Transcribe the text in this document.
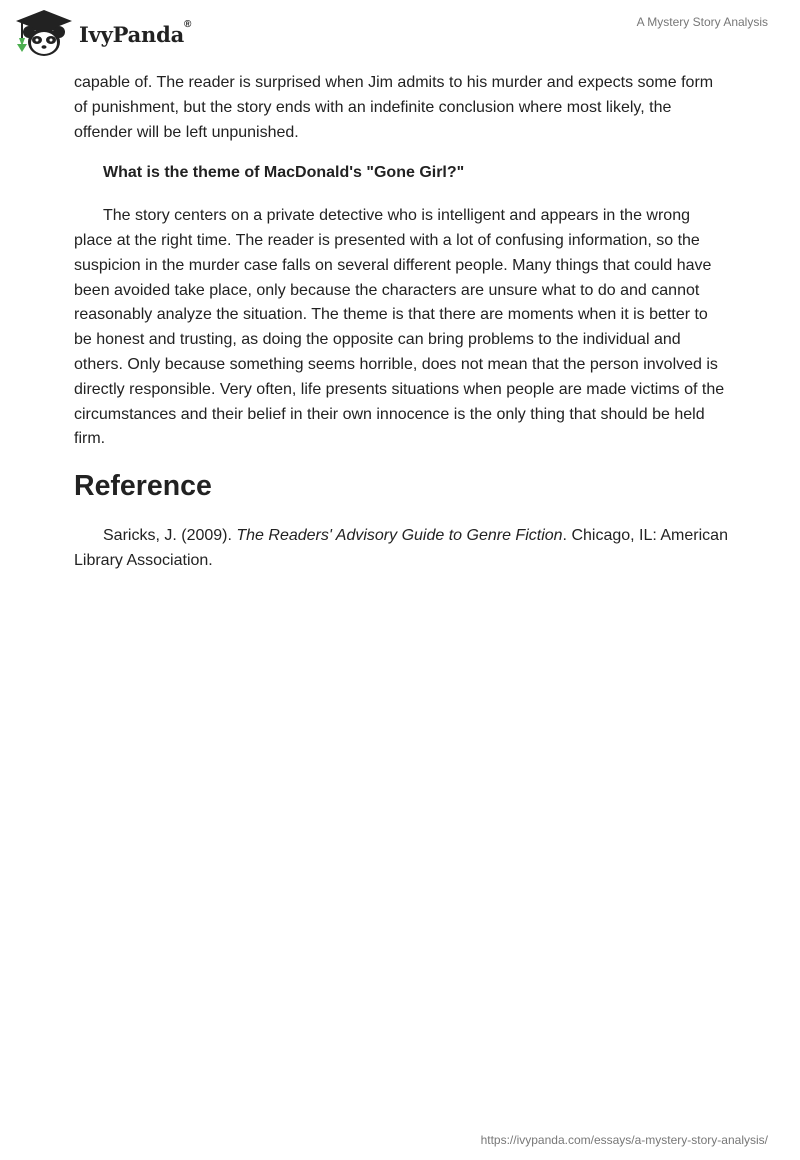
IvyPanda®	A Mystery Story Analysis

capable of. The reader is surprised when Jim admits to his murder and expects some form of punishment, but the story ends with an indefinite conclusion where most likely, the offender will be left unpunished.

What is the theme of MacDonald's "Gone Girl?"

The story centers on a private detective who is intelligent and appears in the wrong place at the right time. The reader is presented with a lot of confusing information, so the suspicion in the murder case falls on several different people. Many things that could have been avoided take place, only because the characters are unsure what to do and cannot reasonably analyze the situation. The theme is that there are moments when it is better to be honest and trusting, as doing the opposite can bring problems to the individual and others. Only because something seems horrible, does not mean that the person involved is directly responsible. Very often, life presents situations when people are made victims of the circumstances and their belief in their own innocence is the only thing that should be held firm.

Reference

Saricks, J. (2009). The Readers' Advisory Guide to Genre Fiction. Chicago, IL: American Library Association.

https://ivypanda.com/essays/a-mystery-story-analysis/
